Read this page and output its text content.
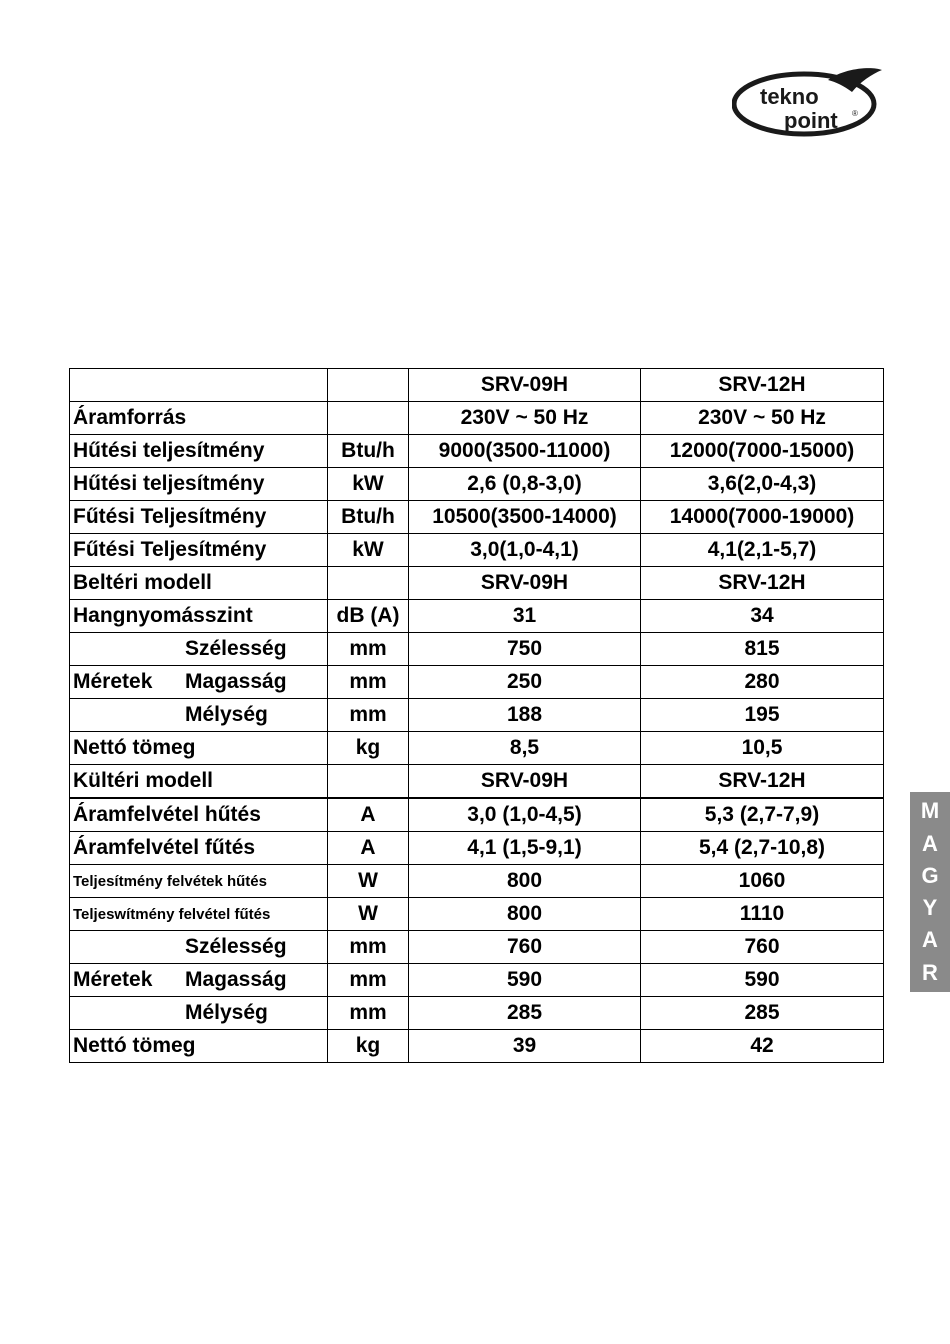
tekno
point ®
		SRV-09H	SRV-12H
Áramforrás		230V ~ 50 Hz	230V ~ 50 Hz
Hűtési teljesítmény	Btu/h	9000(3500-11000)	12000(7000-15000)
Hűtési teljesítmény	kW	2,6 (0,8-3,0)	3,6(2,0-4,3)
Fűtési Teljesítmény	Btu/h	10500(3500-14000)	14000(7000-19000)
Fűtési Teljesítmény	kW	3,0(1,0-4,1)	4,1(2,1-5,7)
Beltéri modell		SRV-09H	SRV-12H
Hangnyomásszint	dB (A)	31	34
Szélesség	mm	750	815
Méretek Magasság	mm	250	280
Mélység	mm	188	195
Nettó tömeg	kg	8,5	10,5
Kültéri modell		SRV-09H	SRV-12H
Áramfelvétel hűtés	A	3,0 (1,0-4,5)	5,3 (2,7-7,9)
Áramfelvétel fűtés	A	4,1 (1,5-9,1)	5,4 (2,7-10,8)
Teljesítmény felvétek hűtés	W	800	1060
Teljeswítmény felvétel fűtés	W	800	1110
Szélesség	mm	760	760
Méretek Magasság	mm	590	590
Mélység	mm	285	285
Nettó tömeg	kg	39	42
M
A
G
Y
A
R
